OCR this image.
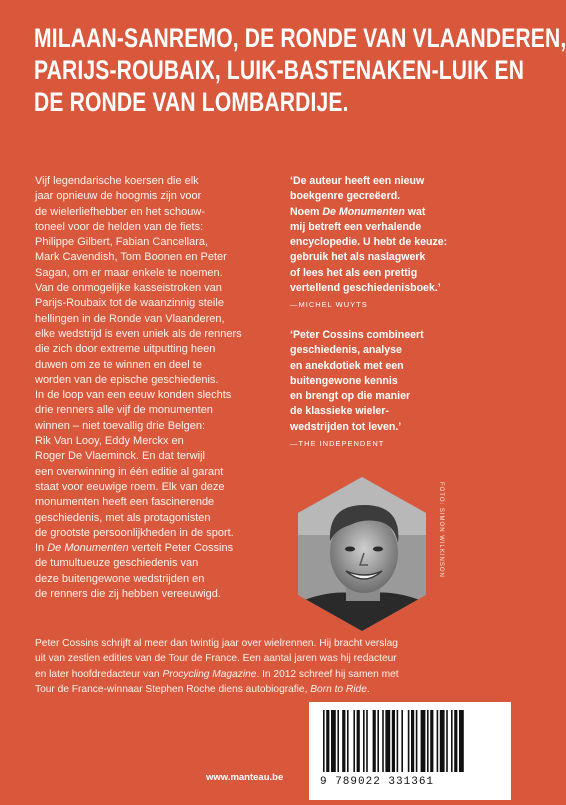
MILAAN-SANREMO, DE RONDE VAN VLAANDEREN,
PARIJS-ROUBAIX, LUIK-BASTENAKEN-LUIK EN
DE RONDE VAN LOMBARDIJE.
Vijf legendarische koersen die elk
jaar opnieuw de hoogmis zijn voor
de wielerliefhebber en het schouw-
toneel voor de helden van de fiets:
Philippe Gilbert, Fabian Cancellara,
Mark Cavendish, Tom Boonen en Peter
Sagan, om er maar enkele te noemen.
Van de onmogelijke kasseistroken van
Parijs-Roubaix tot de waanzinnig steile
hellingen in de Ronde van Vlaanderen,
elke wedstrijd is even uniek als de renners
die zich door extreme uitputting heen
duwen om ze te winnen en deel te
worden van de epische geschiedenis.
In de loop van een eeuw konden slechts
drie renners alle vijf de monumenten
winnen – niet toevallig drie Belgen:
Rik Van Looy, Eddy Merckx en
Roger De Vlaeminck. En dat terwijl
een overwinning in één editie al garant
staat voor eeuwige roem. Elk van deze
monumenten heeft een fascinerende
geschiedenis, met als protagonisten
de grootste persoonlijkheden in de sport.
In De Monumenten vertelt Peter Cossins
de tumultueuze geschiedenis van
deze buitengewone wedstrijden en
de renners die zij hebben vereeuwigd.
‘De auteur heeft een nieuw
boekgenre gecreëerd.
Noem De Monumenten wat
mij betreft een verhalende
encyclopedie. U hebt de keuze:
gebruik het als naslagwerk
of lees het als een prettig
vertellend geschiedenisboek.’
—MICHEL WUYTS
‘Peter Cossins combineert
geschiedenis, analyse
en anekdotiek met een
buitengewone kennis
en brengt op die manier
de klassieke wieler-
wedstrijden tot leven.’
—THE INDEPENDENT
FOTO: SIMON WILKINSON
Peter Cossins schrijft al meer dan twintig jaar over wielrennen. Hij bracht verslag
uit van zestien edities van de Tour de France. Een aantal jaren was hij redacteur
en later hoofdredacteur van Procycling Magazine. In 2012 schreef hij samen met
Tour de France-winnaar Stephen Roche diens autobiografie, Born to Ride.
www.manteau.be	9 789022 331361
